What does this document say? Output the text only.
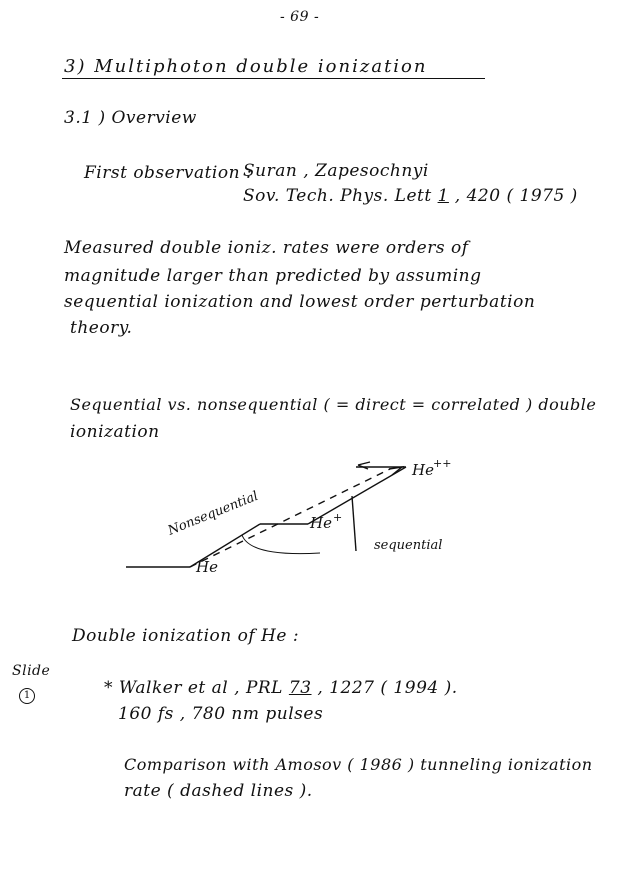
- 69 -
3) Multiphoton double ionization
3.1 ) Overview
First observation :
Suran , Zapesochnyi
Sov. Tech. Phys. Lett 1 , 420 ( 1975 )
Measured double ioniz. rates were orders of
magnitude larger than predicted by assuming
sequential ionization and lowest order perturbation
theory.
Sequential vs. nonsequential ( = direct = correlated ) double
ionization
He
He +
He ++
Nonsequential
sequential
Double ionization of He :
Slide
1	* Walker et al , PRL 73 , 1227 ( 1994 ).
160 fs , 780 nm pulses
Comparison with Amosov ( 1986 ) tunneling ionization
rate ( dashed lines ).
